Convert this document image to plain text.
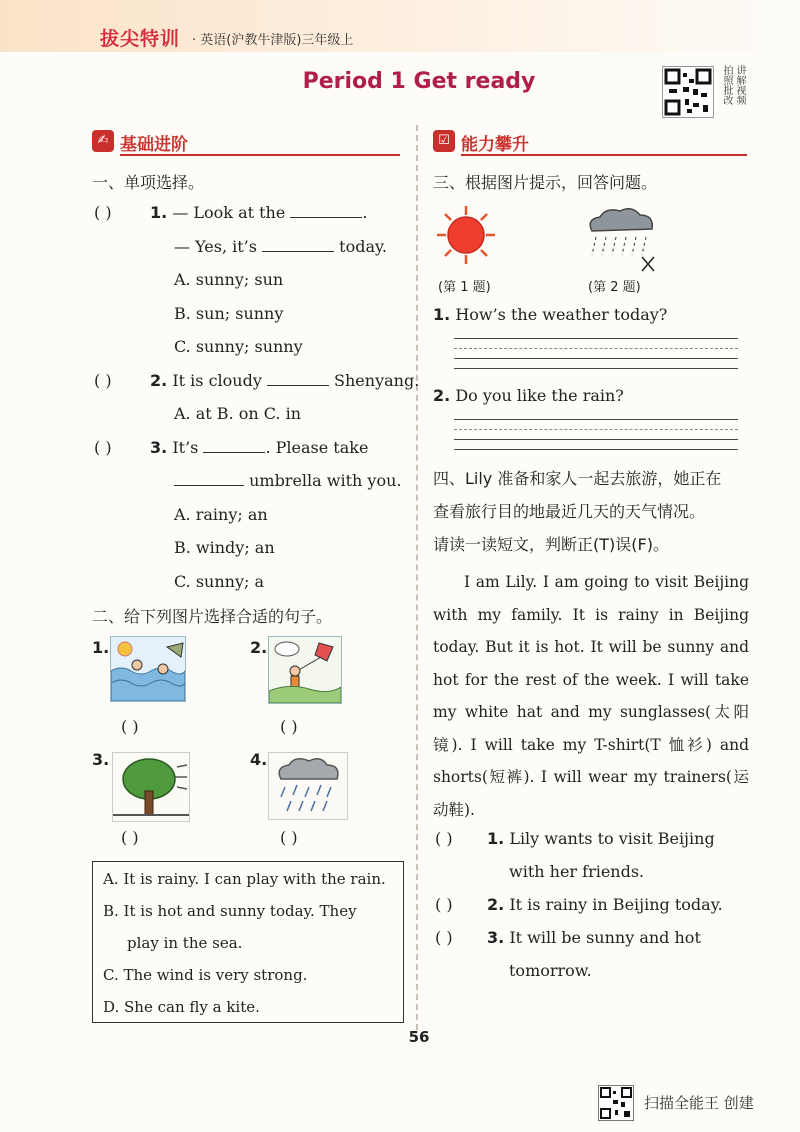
拔尖特训 · 英语(沪教牛津版)三年级上
Period 1 Get ready	讲解视频 拍照批改
✍ 基础进阶
一、单项选择。
( ) 1. — Look at the	.
— Yes, it’s	today.
A. sunny; sun
B. sun; sunny
C. sunny; sunny
( ) 2. It is cloudy	Shenyang.
A. at B. on C. in
( ) 3. It’s	. Please take
umbrella with you.
A. rainy; an
B. windy; an
C. sunny; a
二、给下列图片选择合适的句子。
1.
( )
2.
( )
3.
( )
4.
( )
A. It is rainy. I can play with the rain.
B. It is hot and sunny today. They
play in the sea.
C. The wind is very strong.
D. She can fly a kite.
☑ 能力攀升
三、根据图片提示，回答问题。
(第 1 题)	(第 2 题)
1. How’s the weather today?
2. Do you like the rain?
四、Lily 准备和家人一起去旅游，她正在
查看旅行目的地最近几天的天气情况。
请读一读短文，判断正(T)误(F)。
I am Lily. I am going to visit Beijing with my family. It is rainy in Beijing today. But it is hot. It will be sunny and hot for the rest of the week. I will take my white hat and my sunglasses(太阳镜). I will take my T-shirt(T 恤衫) and shorts(短裤). I will wear my trainers(运动鞋).
( ) 1. Lily wants to visit Beijing
with her friends.
( ) 2. It is rainy in Beijing today.
( ) 3. It will be sunny and hot
tomorrow.
56
扫描全能王 创建
